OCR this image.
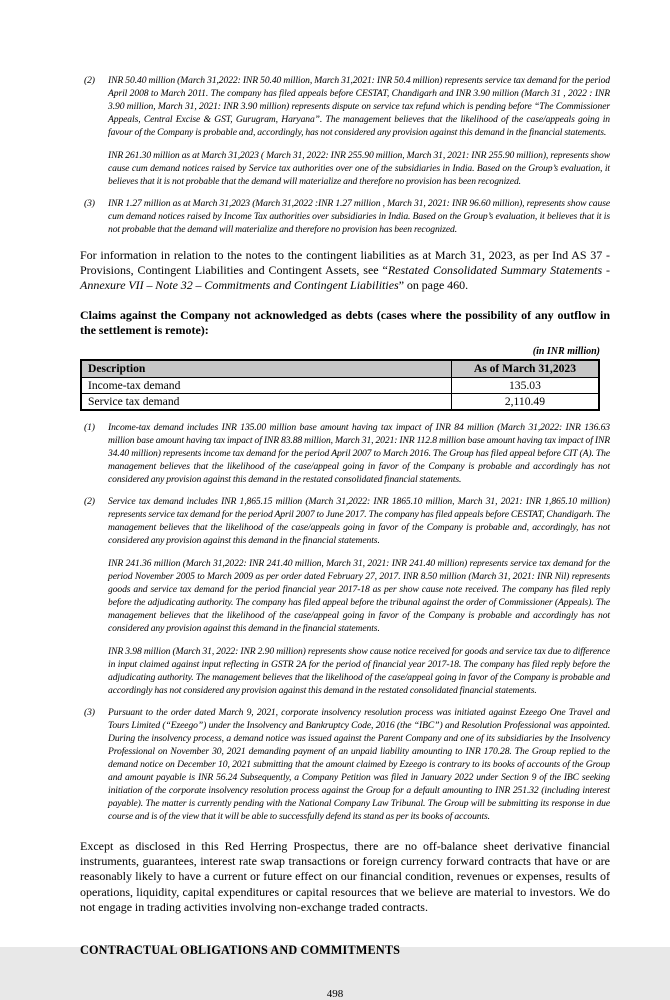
(2) INR 50.40 million (March 31,2022: INR 50.40 million, March 31,2021: INR 50.4 million) represents service tax demand for the period April 2008 to March 2011. The company has filed appeals before CESTAT, Chandigarh and INR 3.90 million (March 31 , 2022 : INR 3.90 million, March 31, 2021: INR 3.90 million) represents dispute on service tax refund which is pending before “The Commissioner Appeals, Central Excise & GST, Gurugram, Haryana”. The management believes that the likelihood of the case/appeals going in favour of the Company is probable and, accordingly, has not considered any provision against this demand in the financial statements.

INR 261.30 million as at March 31,2023 ( March 31, 2022: INR 255.90 million, March 31, 2021: INR 255.90 million), represents show cause cum demand notices raised by Service tax authorities over one of the subsidiaries in India. Based on the Group’s evaluation, it believes that it is not probable that the demand will materialize and therefore no provision has been recognized.

(3) INR 1.27 million as at March 31,2023 (March 31,2022 :INR 1.27 million , March 31, 2021: INR 96.60 million), represents show cause cum demand notices raised by Income Tax authorities over subsidiaries in India. Based on the Group’s evaluation, it believes that it is not probable that the demand will materialize and therefore no provision has been recognized.

For information in relation to the notes to the contingent liabilities as at March 31, 2023, as per Ind AS 37 - Provisions, Contingent Liabilities and Contingent Assets, see “Restated Consolidated Summary Statements - Annexure VII – Note 32 – Commitments and Contingent Liabilities” on page 460.

Claims against the Company not acknowledged as debts (cases where the possibility of any outflow in the settlement is remote):

(in INR million)
Description	As of March 31,2023
Income-tax demand	135.03
Service tax demand	2,110.49
(1) Income-tax demand includes INR 135.00 million base amount having tax impact of INR 84 million (March 31,2022: INR 136.63 million base amount having tax impact of INR 83.88 million, March 31, 2021: INR 112.8 million base amount having tax impact of INR 34.40 million) represents income tax demand for the period April 2007 to March 2016. The Group has filed appeal before CIT (A). The management believes that the likelihood of the case/appeal going in favor of the Company is probable and accordingly has not considered any provision against this demand in the restated consolidated financial statements.

(2) Service tax demand includes INR 1,865.15 million (March 31,2022: INR 1865.10 million, March 31, 2021: INR 1,865.10 million) represents service tax demand for the period April 2007 to June 2017. The company has filed appeals before CESTAT, Chandigarh. The management believes that the likelihood of the case/appeals going in favor of the Company is probable and, accordingly, has not considered any provision against this demand in the financial statements.

INR 241.36 million (March 31,2022: INR 241.40 million, March 31, 2021: INR 241.40 million) represents service tax demand for the period November 2005 to March 2009 as per order dated February 27, 2017. INR 8.50 million (March 31, 2021: INR Nil) represents goods and service tax demand for the period financial year 2017-18 as per show cause note received. The company has filed reply before the adjudicating authority. The company has filed appeal before the tribunal against the order of Commissioner (Appeals). The management believes that the likelihood of the case/appeal going in favor of the Company is probable and accordingly has not considered any provision against this demand in the financial statements.

INR 3.98 million (March 31, 2022: INR 2.90 million) represents show cause notice received for goods and service tax due to difference in input claimed against input reflecting in GSTR 2A for the period of financial year 2017-18. The company has filed reply before the adjudicating authority. The management believes that the likelihood of the case/appeal going in favor of the Company is probable and accordingly has not considered any provision against this demand in the restated consolidated financial statements.

(3) Pursuant to the order dated March 9, 2021, corporate insolvency resolution process was initiated against Ezeego One Travel and Tours Limited (“Ezeego”) under the Insolvency and Bankruptcy Code, 2016 (the “IBC”) and Resolution Professional was appointed. During the insolvency process, a demand notice was issued against the Parent Company and one of its subsidiaries by the Insolvency Professional on November 30, 2021 demanding payment of an unpaid liability amounting to INR 170.28. The Group replied to the demand notice on December 10, 2021 submitting that the amount claimed by Ezeego is contrary to its books of accounts of the Group and amount payable is INR 56.24 Subsequently, a Company Petition was filed in January 2022 under Section 9 of the IBC seeking initiation of the corporate insolvency resolution process against the Group for a default amounting to INR 251.32 (including interest payable). The matter is currently pending with the National Company Law Tribunal. The Group will be submitting its response in due course and is of the view that it will be able to successfully defend its stand as per its books of accounts.

Except as disclosed in this Red Herring Prospectus, there are no off-balance sheet derivative financial instruments, guarantees, interest rate swap transactions or foreign currency forward contracts that have or are reasonably likely to have a current or future effect on our financial condition, revenues or expenses, results of operations, liquidity, capital expenditures or capital resources that we believe are material to investors. We do not engage in trading activities involving non-exchange traded contracts.

CONTRACTUAL OBLIGATIONS AND COMMITMENTS

498
